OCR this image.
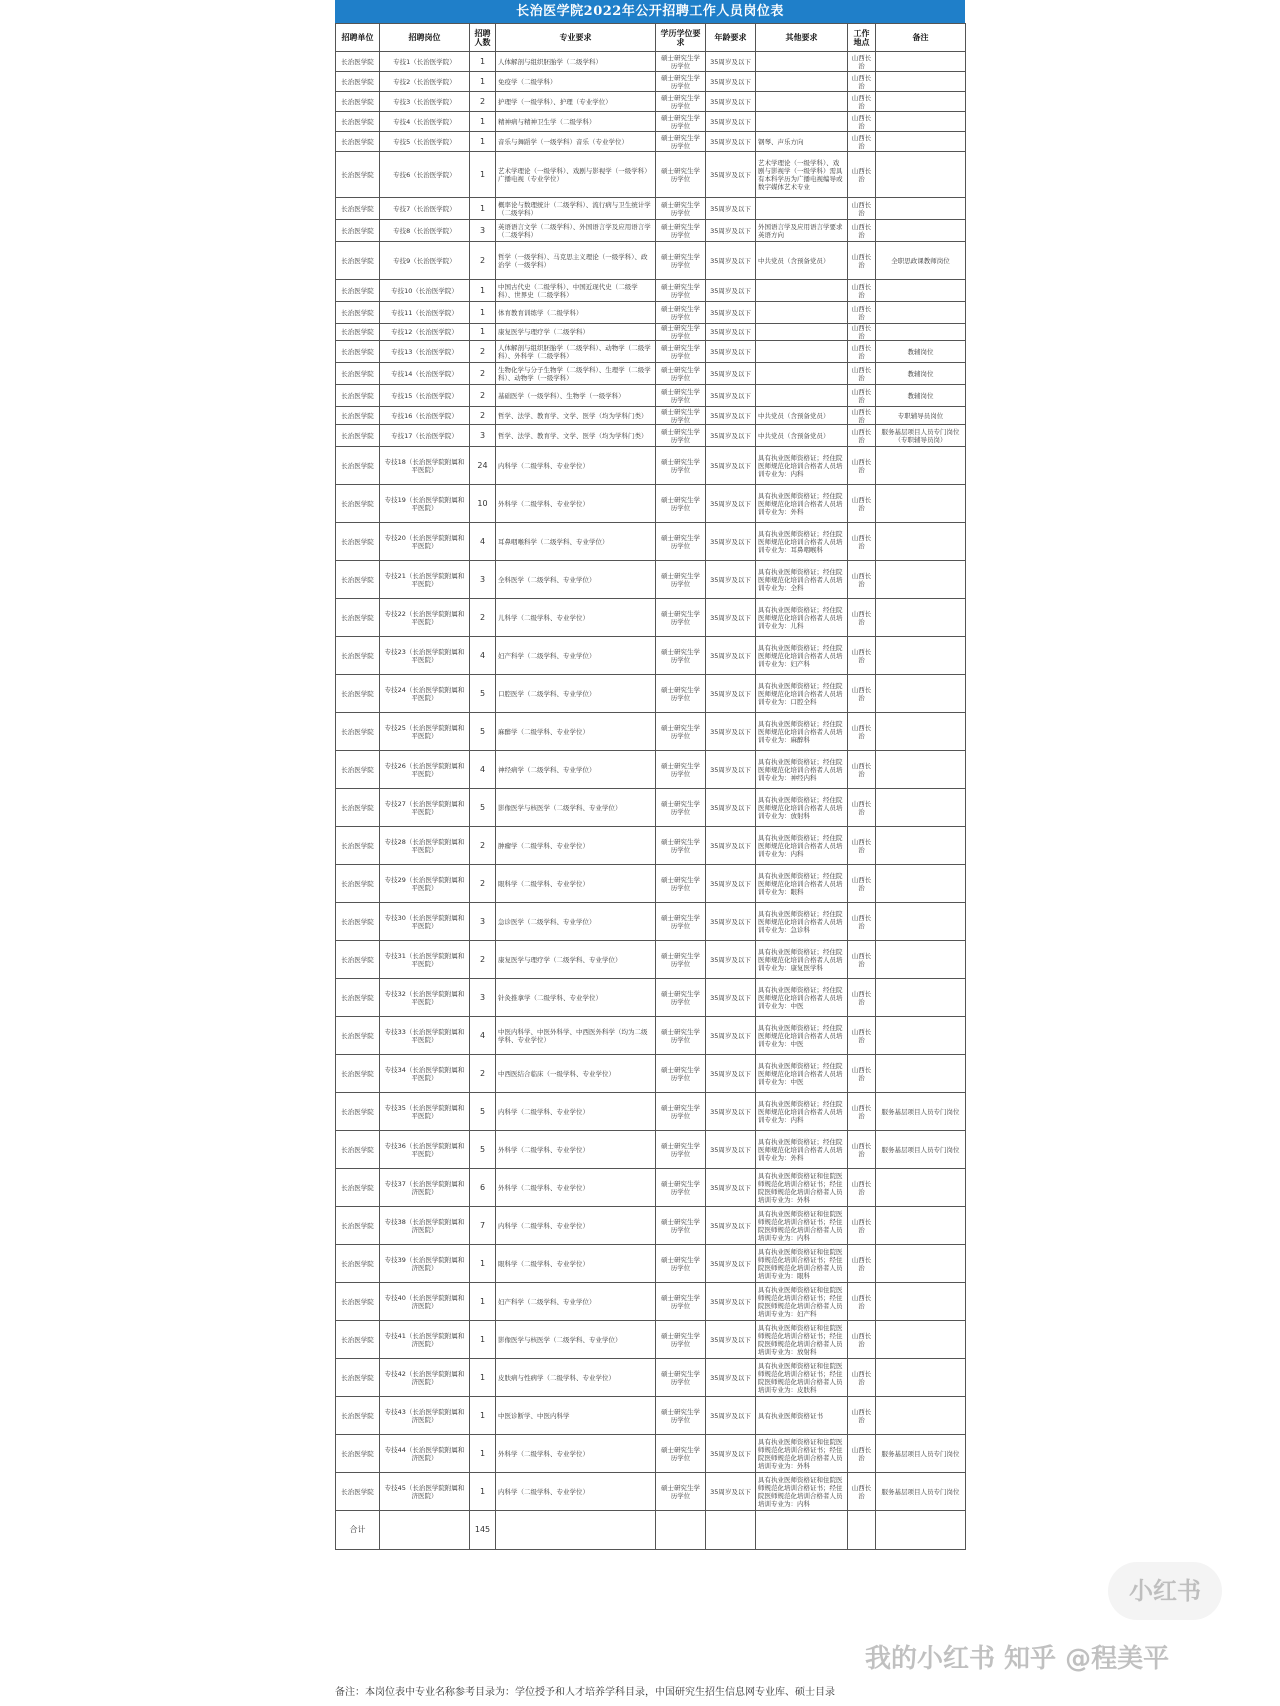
长治医学院2022年公开招聘工作人员岗位表
招聘单位	招聘岗位	招聘人数	专业要求	学历学位要求	年龄要求	其他要求	工作地点	备注
长治医学院	专技1（长治医学院）	1	人体解剖与组织胚胎学（二级学科）	硕士研究生学历学位	35周岁及以下		山西长治	
长治医学院	专技2（长治医学院）	1	免疫学（二级学科）	硕士研究生学历学位	35周岁及以下		山西长治	
长治医学院	专技3（长治医学院）	2	护理学（一级学科）、护理（专业学位）	硕士研究生学历学位	35周岁及以下		山西长治	
长治医学院	专技4（长治医学院）	1	精神病与精神卫生学（二级学科）	硕士研究生学历学位	35周岁及以下		山西长治	
长治医学院	专技5（长治医学院）	1	音乐与舞蹈学（一级学科）音乐（专业学位）	硕士研究生学历学位	35周岁及以下	钢琴、声乐方向	山西长治	
长治医学院	专技6（长治医学院）	1	艺术学理论（一级学科）、戏剧与影视学（一级学科）广播电视（专业学位）	硕士研究生学历学位	35周岁及以下	艺术学理论（一级学科）、戏剧与影视学（一级学科）需具有本科学历为广播电视编导或数字媒体艺术专业	山西长治	
长治医学院	专技7（长治医学院）	1	概率论与数理统计（二级学科）、流行病与卫生统计学（二级学科）	硕士研究生学历学位	35周岁及以下		山西长治	
长治医学院	专技8（长治医学院）	3	英语语言文学（二级学科）、外国语言学及应用语言学（二级学科）	硕士研究生学历学位	35周岁及以下	外国语言学及应用语言学要求英语方向	山西长治	
长治医学院	专技9（长治医学院）	2	哲学（一级学科）、马克思主义理论（一级学科）、政治学（一级学科）	硕士研究生学历学位	35周岁及以下	中共党员（含预备党员）	山西长治	全职思政课教师岗位
长治医学院	专技10（长治医学院）	1	中国古代史（二级学科）、中国近现代史（二级学科）、世界史（二级学科）	硕士研究生学历学位	35周岁及以下		山西长治	
长治医学院	专技11（长治医学院）	1	体育教育训练学（二级学科）	硕士研究生学历学位	35周岁及以下		山西长治	
长治医学院	专技12（长治医学院）	1	康复医学与理疗学（二级学科）	硕士研究生学历学位	35周岁及以下		山西长治	
长治医学院	专技13（长治医学院）	2	人体解剖与组织胚胎学（二级学科）、动物学（二级学科）、外科学（二级学科）	硕士研究生学历学位	35周岁及以下		山西长治	教辅岗位
长治医学院	专技14（长治医学院）	2	生物化学与分子生物学（二级学科）、生理学（二级学科）、动物学（一级学科）	硕士研究生学历学位	35周岁及以下		山西长治	教辅岗位
长治医学院	专技15（长治医学院）	2	基础医学（一级学科）、生物学（一级学科）	硕士研究生学历学位	35周岁及以下		山西长治	教辅岗位
长治医学院	专技16（长治医学院）	2	哲学、法学、教育学、文学、医学（均为学科门类）	硕士研究生学历学位	35周岁及以下	中共党员（含预备党员）	山西长治	专职辅导员岗位
长治医学院	专技17（长治医学院）	3	哲学、法学、教育学、文学、医学（均为学科门类）	硕士研究生学历学位	35周岁及以下	中共党员（含预备党员）	山西长治	服务基层项目人员专门岗位（专职辅导员岗）
长治医学院	专技18（长治医学院附属和平医院）	24	内科学（二级学科、专业学位）	硕士研究生学历学位	35周岁及以下	具有执业医师资格证；经住院医师规范化培训合格者人员培训专业为：内科	山西长治	
长治医学院	专技19（长治医学院附属和平医院）	10	外科学（二级学科、专业学位）	硕士研究生学历学位	35周岁及以下	具有执业医师资格证；经住院医师规范化培训合格者人员培训专业为：外科	山西长治	
长治医学院	专技20（长治医学院附属和平医院）	4	耳鼻咽喉科学（二级学科、专业学位）	硕士研究生学历学位	35周岁及以下	具有执业医师资格证；经住院医师规范化培训合格者人员培训专业为：耳鼻咽喉科	山西长治	
长治医学院	专技21（长治医学院附属和平医院）	3	全科医学（二级学科、专业学位）	硕士研究生学历学位	35周岁及以下	具有执业医师资格证；经住院医师规范化培训合格者人员培训专业为：全科	山西长治	
长治医学院	专技22（长治医学院附属和平医院）	2	儿科学（二级学科、专业学位）	硕士研究生学历学位	35周岁及以下	具有执业医师资格证；经住院医师规范化培训合格者人员培训专业为：儿科	山西长治	
长治医学院	专技23（长治医学院附属和平医院）	4	妇产科学（二级学科、专业学位）	硕士研究生学历学位	35周岁及以下	具有执业医师资格证；经住院医师规范化培训合格者人员培训专业为：妇产科	山西长治	
长治医学院	专技24（长治医学院附属和平医院）	5	口腔医学（二级学科、专业学位）	硕士研究生学历学位	35周岁及以下	具有执业医师资格证；经住院医师规范化培训合格者人员培训专业为：口腔全科	山西长治	
长治医学院	专技25（长治医学院附属和平医院）	5	麻醉学（二级学科、专业学位）	硕士研究生学历学位	35周岁及以下	具有执业医师资格证；经住院医师规范化培训合格者人员培训专业为：麻醉科	山西长治	
长治医学院	专技26（长治医学院附属和平医院）	4	神经病学（二级学科、专业学位）	硕士研究生学历学位	35周岁及以下	具有执业医师资格证；经住院医师规范化培训合格者人员培训专业为：神经内科	山西长治	
长治医学院	专技27（长治医学院附属和平医院）	5	影像医学与核医学（二级学科、专业学位）	硕士研究生学历学位	35周岁及以下	具有执业医师资格证；经住院医师规范化培训合格者人员培训专业为：放射科	山西长治	
长治医学院	专技28（长治医学院附属和平医院）	2	肿瘤学（二级学科、专业学位）	硕士研究生学历学位	35周岁及以下	具有执业医师资格证；经住院医师规范化培训合格者人员培训专业为：内科	山西长治	
长治医学院	专技29（长治医学院附属和平医院）	2	眼科学（二级学科、专业学位）	硕士研究生学历学位	35周岁及以下	具有执业医师资格证；经住院医师规范化培训合格者人员培训专业为：眼科	山西长治	
长治医学院	专技30（长治医学院附属和平医院）	3	急诊医学（二级学科、专业学位）	硕士研究生学历学位	35周岁及以下	具有执业医师资格证；经住院医师规范化培训合格者人员培训专业为：急诊科	山西长治	
长治医学院	专技31（长治医学院附属和平医院）	2	康复医学与理疗学（二级学科、专业学位）	硕士研究生学历学位	35周岁及以下	具有执业医师资格证；经住院医师规范化培训合格者人员培训专业为：康复医学科	山西长治	
长治医学院	专技32（长治医学院附属和平医院）	3	针灸推拿学（二级学科、专业学位）	硕士研究生学历学位	35周岁及以下	具有执业医师资格证；经住院医师规范化培训合格者人员培训专业为：中医	山西长治	
长治医学院	专技33（长治医学院附属和平医院）	4	中医内科学、中医外科学、中西医外科学（均为二级学科、专业学位）	硕士研究生学历学位	35周岁及以下	具有执业医师资格证；经住院医师规范化培训合格者人员培训专业为：中医	山西长治	
长治医学院	专技34（长治医学院附属和平医院）	2	中西医结合临床（一级学科、专业学位）	硕士研究生学历学位	35周岁及以下	具有执业医师资格证；经住院医师规范化培训合格者人员培训专业为：中医	山西长治	
长治医学院	专技35（长治医学院附属和平医院）	5	内科学（二级学科、专业学位）	硕士研究生学历学位	35周岁及以下	具有执业医师资格证；经住院医师规范化培训合格者人员培训专业为：内科	山西长治	服务基层项目人员专门岗位
长治医学院	专技36（长治医学院附属和平医院）	5	外科学（二级学科、专业学位）	硕士研究生学历学位	35周岁及以下	具有执业医师资格证；经住院医师规范化培训合格者人员培训专业为：外科	山西长治	服务基层项目人员专门岗位
长治医学院	专技37（长治医学院附属和济医院）	6	外科学（二级学科、专业学位）	硕士研究生学历学位	35周岁及以下	具有执业医师资格证和住院医师规范化培训合格证书；经住院医师规范化培训合格者人员培训专业为：外科	山西长治	
长治医学院	专技38（长治医学院附属和济医院）	7	内科学（二级学科、专业学位）	硕士研究生学历学位	35周岁及以下	具有执业医师资格证和住院医师规范化培训合格证书；经住院医师规范化培训合格者人员培训专业为：内科	山西长治	
长治医学院	专技39（长治医学院附属和济医院）	1	眼科学（二级学科、专业学位）	硕士研究生学历学位	35周岁及以下	具有执业医师资格证和住院医师规范化培训合格证书；经住院医师规范化培训合格者人员培训专业为：眼科	山西长治	
长治医学院	专技40（长治医学院附属和济医院）	1	妇产科学（二级学科、专业学位）	硕士研究生学历学位	35周岁及以下	具有执业医师资格证和住院医师规范化培训合格证书；经住院医师规范化培训合格者人员培训专业为：妇产科	山西长治	
长治医学院	专技41（长治医学院附属和济医院）	1	影像医学与核医学（二级学科、专业学位）	硕士研究生学历学位	35周岁及以下	具有执业医师资格证和住院医师规范化培训合格证书；经住院医师规范化培训合格者人员培训专业为：放射科	山西长治	
长治医学院	专技42（长治医学院附属和济医院）	1	皮肤病与性病学（二级学科、专业学位）	硕士研究生学历学位	35周岁及以下	具有执业医师资格证和住院医师规范化培训合格证书；经住院医师规范化培训合格者人员培训专业为：皮肤科	山西长治	
长治医学院	专技43（长治医学院附属和济医院）	1	中医诊断学、中医内科学	硕士研究生学历学位	35周岁及以下	具有执业医师资格证书	山西长治	
长治医学院	专技44（长治医学院附属和济医院）	1	外科学（二级学科、专业学位）	硕士研究生学历学位	35周岁及以下	具有执业医师资格证和住院医师规范化培训合格证书；经住院医师规范化培训合格者人员培训专业为：外科	山西长治	服务基层项目人员专门岗位
长治医学院	专技45（长治医学院附属和济医院）	1	内科学（二级学科、专业学位）	硕士研究生学历学位	35周岁及以下	具有执业医师资格证和住院医师规范化培训合格证书；经住院医师规范化培训合格者人员培训专业为：内科	山西长治	服务基层项目人员专门岗位
合计		145						
备注：本岗位表中专业名称参考目录为：学位授予和人才培养学科目录，中国研究生招生信息网专业库、硕士目录
小红书
我的小红书 知乎 @程美平
